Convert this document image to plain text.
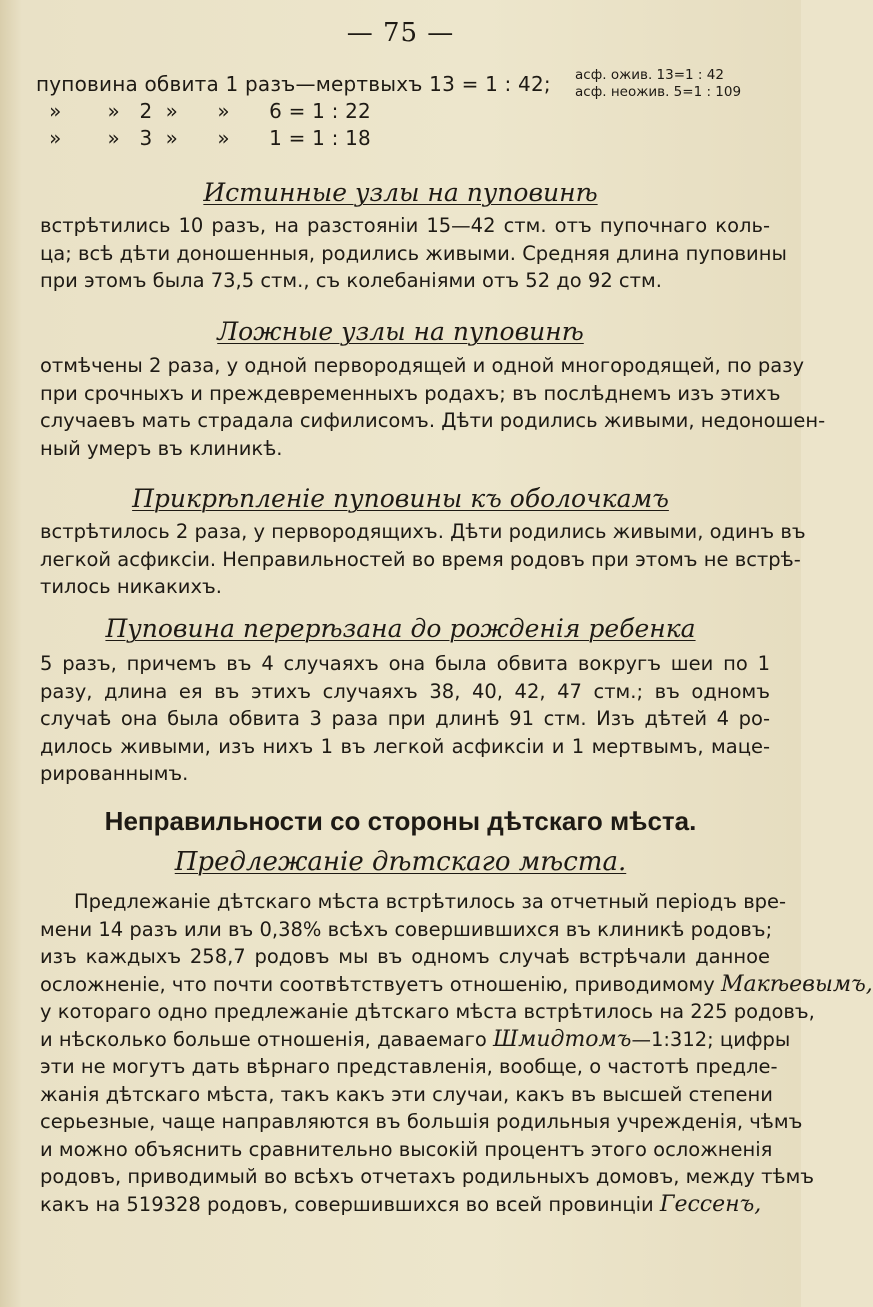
— 75 —
пуповина обвита 1 разъ—мертвыхъ 13 = 1 : 42;
»       »   2  »      »      6 = 1 : 22
»       »   3  »      »      1 = 1 : 18
асф. ожив. 13=1 : 42
асф. неожив. 5=1 : 109
Истинные узлы на пуповинѣ
встрѣтились 10 разъ, на разстояніи 15—42 стм. отъ пупочнаго коль-
ца; всѣ дѣти доношенныя, родились живыми. Средняя длина пуповины
при этомъ была 73,5 стм., съ колебаніями отъ 52 до 92 стм.
Ложные узлы на пуповинѣ
отмѣчены 2 раза, у одной первородящей и одной многородящей, по разу
при срочныхъ и преждевременныхъ родахъ; въ послѣднемъ изъ этихъ
случаевъ мать страдала сифилисомъ. Дѣти родились живыми, недоношен-
ный умеръ въ клиникѣ.
Прикрѣпленіе пуповины къ оболочкамъ
встрѣтилось 2 раза, у первородящихъ. Дѣти родились живыми, одинъ въ
легкой асфиксіи. Неправильностей во время родовъ при этомъ не встрѣ-
тилось никакихъ.
Пуповина перерѣзана до рожденія ребенка
5 разъ, причемъ въ 4 случаяхъ она была обвита вокругъ шеи по 1
разу, длина ея въ этихъ случаяхъ 38, 40, 42, 47 стм.; въ одномъ
случаѣ она была обвита 3 раза при длинѣ 91 стм. Изъ дѣтей 4 ро-
дилось живыми, изъ нихъ 1 въ легкой асфиксіи и 1 мертвымъ, маце-
рированнымъ.
Неправильности со стороны дѣтскаго мѣста.
Предлежаніе дѣтскаго мѣста.
Предлежаніе дѣтскаго мѣста встрѣтилось за отчетный періодъ вре-
мени 14 разъ или въ 0,38% всѣхъ совершившихся въ клиникѣ родовъ;
изъ каждыхъ 258,7 родовъ мы въ одномъ случаѣ встрѣчали данное
осложненіе, что почти соотвѣтствуетъ отношенію, приводимому Макѣевымъ,
у котораго одно предлежаніе дѣтскаго мѣста встрѣтилось на 225 родовъ,
и нѣсколько больше отношенія, даваемаго Шмидтомъ—1:312; цифры
эти не могутъ дать вѣрнаго представленія, вообще, о частотѣ предле-
жанія дѣтскаго мѣста, такъ какъ эти случаи, какъ въ высшей степени
серьезные, чаще направляются въ большія родильныя учрежденія, чѣмъ
и можно объяснить сравнительно высокій процентъ этого осложненія
родовъ, приводимый во всѣхъ отчетахъ родильныхъ домовъ, между тѣмъ
какъ на 519328 родовъ, совершившихся во всей провинціи Гессенъ,
